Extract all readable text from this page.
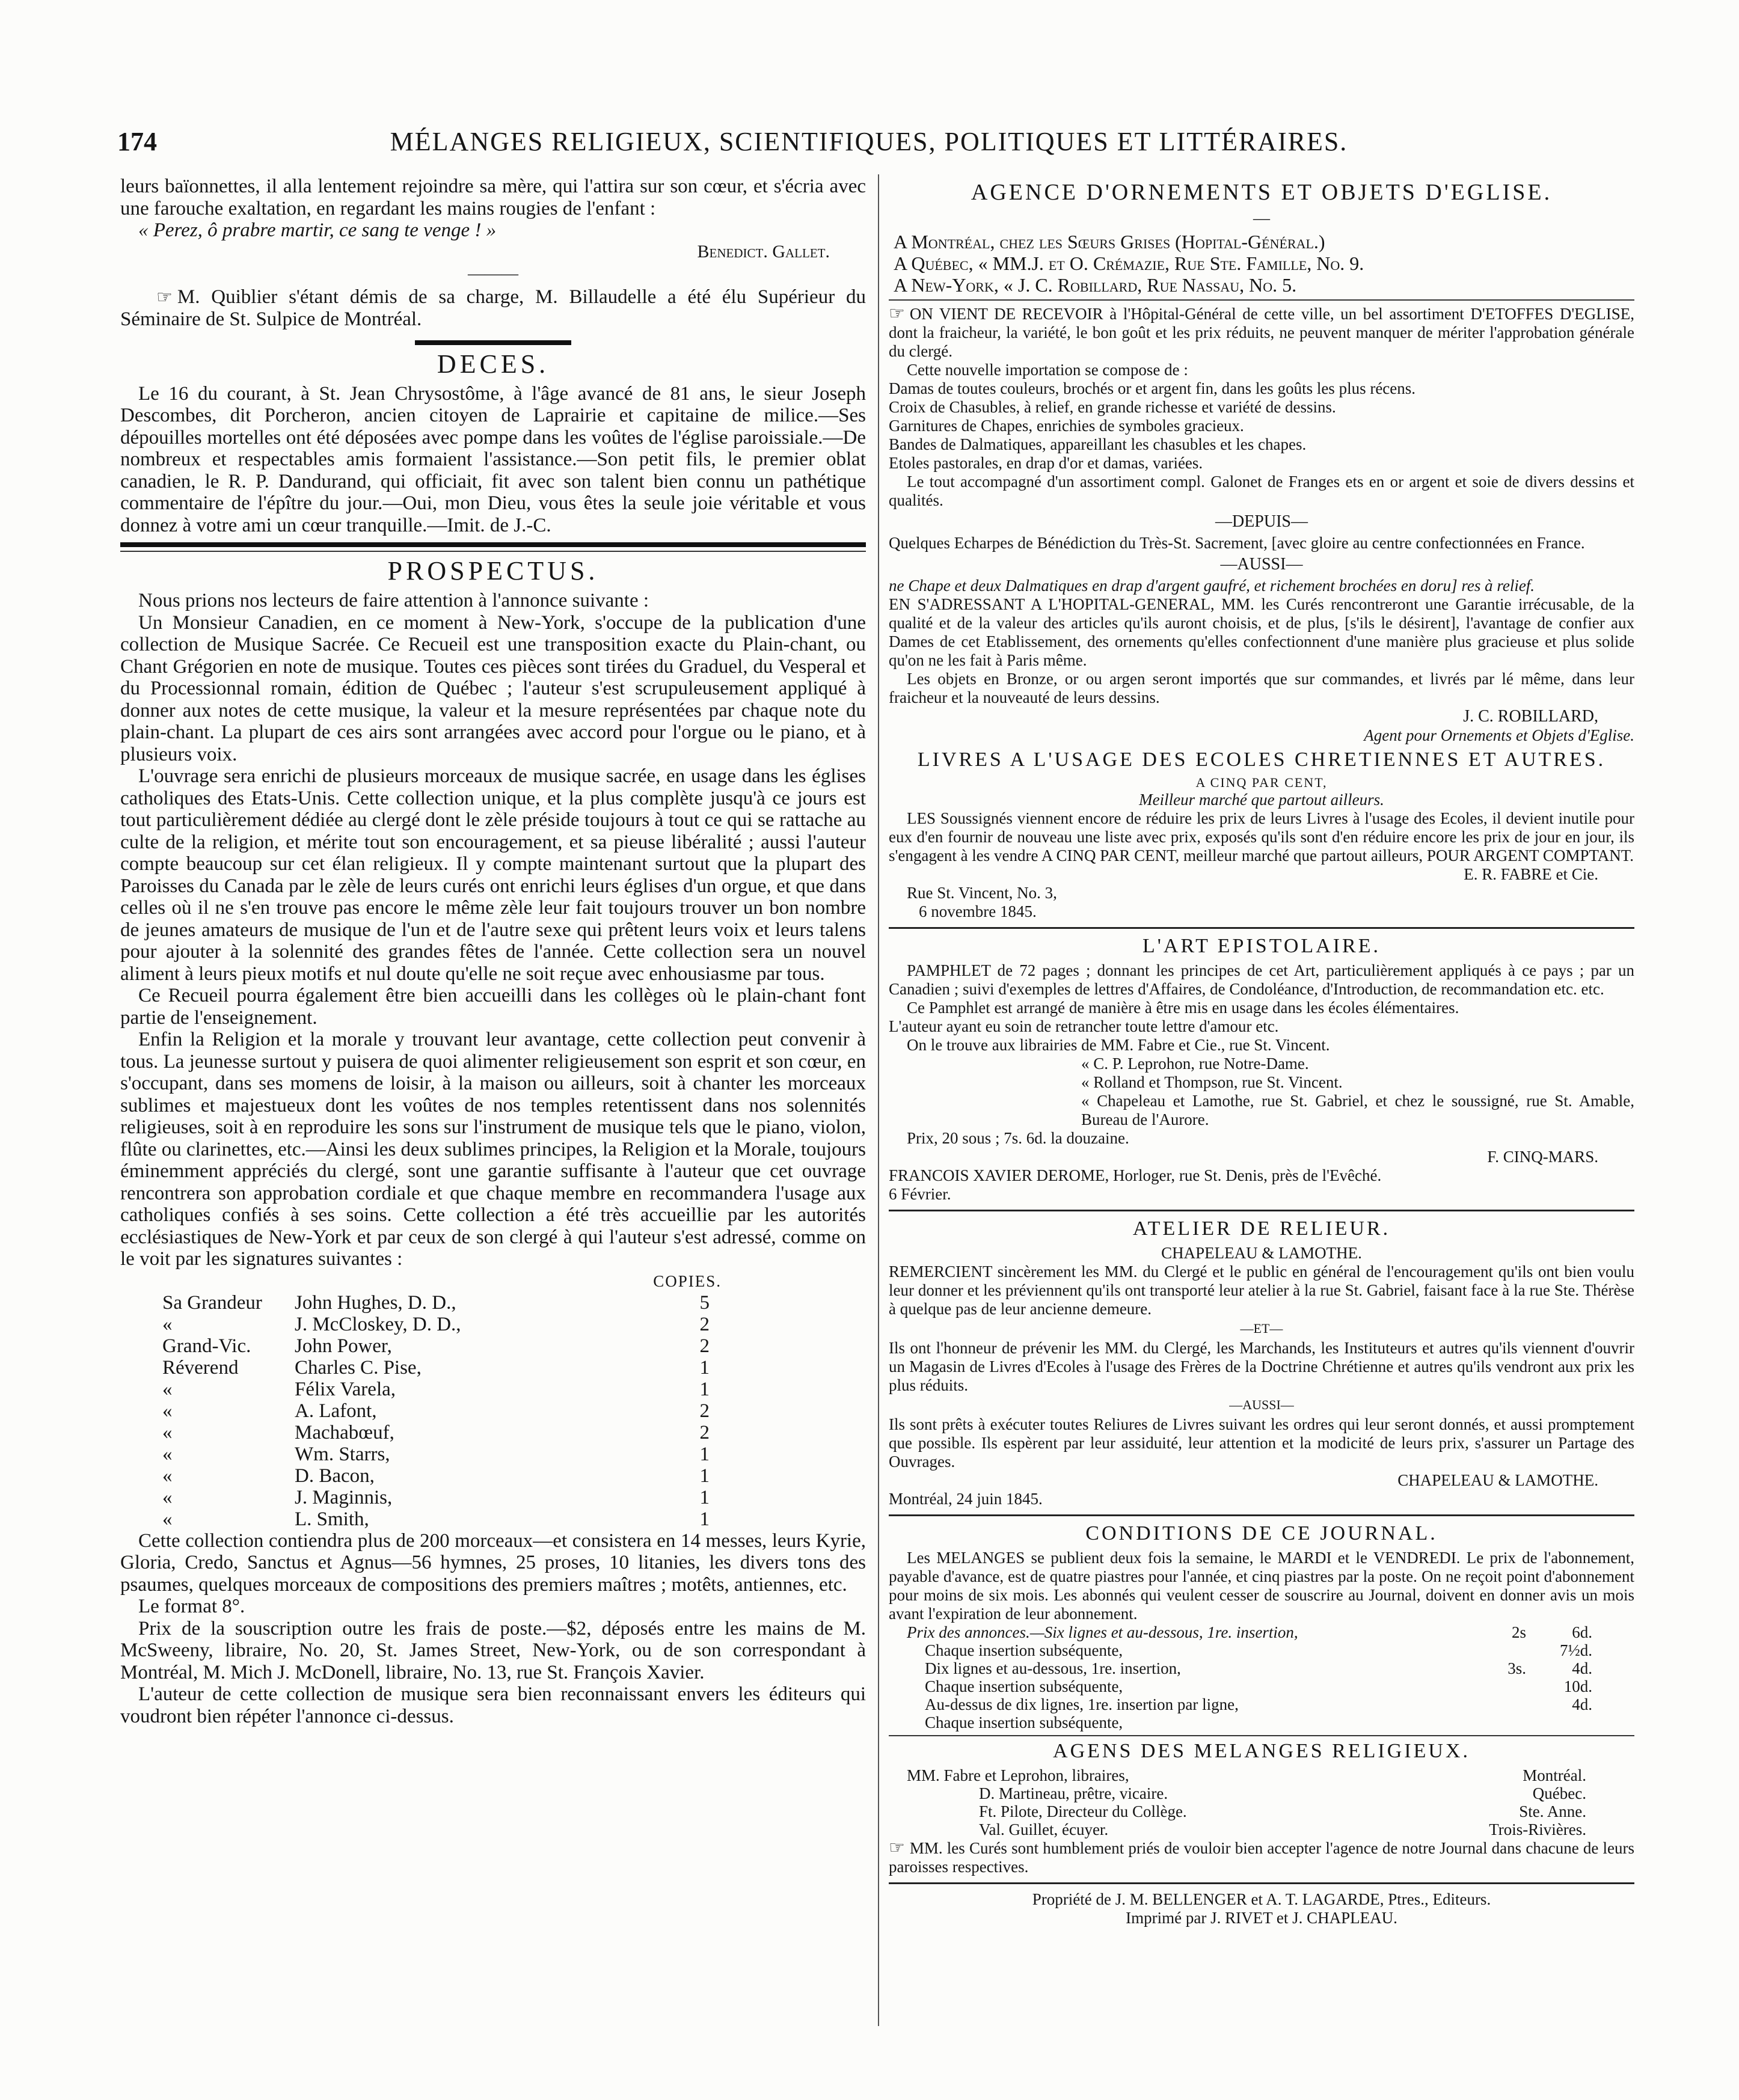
174	MÉLANGES RELIGIEUX, SCIENTIFIQUES, POLITIQUES ET LITTÉRAIRES.

leurs baïonnettes, il alla lentement rejoindre sa mère, qui l'attira sur son cœur, et s'écria avec une farouche exaltation, en regardant les mains rougies de l'enfant :

« Perez, ô prabre martir, ce sang te venge ! »

Benedict. Gallet.

———

☞ M. Quiblier s'étant démis de sa charge, M. Billaudelle a été élu Supérieur du Séminaire de St. Sulpice de Montréal.

DECES.

Le 16 du courant, à St. Jean Chrysostôme, à l'âge avancé de 81 ans, le sieur Joseph Descombes, dit Porcheron, ancien citoyen de Laprairie et capitaine de milice.—Ses dépouilles mortelles ont été déposées avec pompe dans les voûtes de l'église paroissiale.—De nombreux et respectables amis formaient l'assistance.—Son petit fils, le premier oblat canadien, le R. P. Dandurand, qui officiait, fit avec son talent bien connu un pathétique commentaire de l'épître du jour.—Oui, mon Dieu, vous êtes la seule joie véritable et vous donnez à votre ami un cœur tranquille.—Imit. de J.-C.

PROSPECTUS.

Nous prions nos lecteurs de faire attention à l'annonce suivante :

Un Monsieur Canadien, en ce moment à New-York, s'occupe de la publication d'une collection de Musique Sacrée. Ce Recueil est une transposition exacte du Plain-chant, ou Chant Grégorien en note de musique. Toutes ces pièces sont tirées du Graduel, du Vesperal et du Processionnal romain, édition de Québec ; l'auteur s'est scrupuleusement appliqué à donner aux notes de cette musique, la valeur et la mesure représentées par chaque note du plain-chant. La plupart de ces airs sont arrangées avec accord pour l'orgue ou le piano, et à plusieurs voix.

L'ouvrage sera enrichi de plusieurs morceaux de musique sacrée, en usage dans les églises catholiques des Etats-Unis. Cette collection unique, et la plus complète jusqu'à ce jours est tout particulièrement dédiée au clergé dont le zèle préside toujours à tout ce qui se rattache au culte de la religion, et mérite tout son encouragement, et sa pieuse libéralité ; aussi l'auteur compte beaucoup sur cet élan religieux. Il y compte maintenant surtout que la plupart des Paroisses du Canada par le zèle de leurs curés ont enrichi leurs églises d'un orgue, et que dans celles où il ne s'en trouve pas encore le même zèle leur fait toujours trouver un bon nombre de jeunes amateurs de musique de l'un et de l'autre sexe qui prêtent leurs voix et leurs talens pour ajouter à la solennité des grandes fêtes de l'année. Cette collection sera un nouvel aliment à leurs pieux motifs et nul doute qu'elle ne soit reçue avec enhousiasme par tous.

Ce Recueil pourra également être bien accueilli dans les collèges où le plain-chant font partie de l'enseignement.

Enfin la Religion et la morale y trouvant leur avantage, cette collection peut convenir à tous. La jeunesse surtout y puisera de quoi alimenter religieusement son esprit et son cœur, en s'occupant, dans ses momens de loisir, à la maison ou ailleurs, soit à chanter les morceaux sublimes et majestueux dont les voûtes de nos temples retentissent dans nos solennités religieuses, soit à en reproduire les sons sur l'instrument de musique tels que le piano, violon, flûte ou clarinettes, etc.—Ainsi les deux sublimes principes, la Religion et la Morale, toujours éminemment appréciés du clergé, sont une garantie suffisante à l'auteur que cet ouvrage rencontrera son approbation cordiale et que chaque membre en recommandera l'usage aux catholiques confiés à ses soins. Cette collection a été très accueillie par les autorités ecclésiastiques de New-York et par ceux de son clergé à qui l'auteur s'est adressé, comme on le voit par les signatures suivantes :

		COPIES.
Sa Grandeur	John Hughes, D. D.,	5
«	J. McCloskey, D. D.,	2
Grand-Vic.	John Power,	2
Réverend	Charles C. Pise,	1
«	Félix Varela,	1
«	A. Lafont,	2
«	Machabœuf,	2
«	Wm. Starrs,	1
«	D. Bacon,	1
«	J. Maginnis,	1
«	L. Smith,	1

Cette collection contiendra plus de 200 morceaux—et consistera en 14 messes, leurs Kyrie, Gloria, Credo, Sanctus et Agnus—56 hymnes, 25 proses, 10 litanies, les divers tons des psaumes, quelques morceaux de compositions des premiers maîtres ; motêts, antiennes, etc.

Le format 8°.

Prix de la souscription outre les frais de poste.—$2, déposés entre les mains de M. McSweeny, libraire, No. 20, St. James Street, New-York, ou de son correspondant à Montréal, M. Mich J. McDonell, libraire, No. 13, rue St. François Xavier.

L'auteur de cette collection de musique sera bien reconnaissant envers les éditeurs qui voudront bien répéter l'annonce ci-dessus.

AGENCE D'ORNEMENTS ET OBJETS D'EGLISE.
—

A Montréal, chez les Sœurs Grises (Hopital-Général.)

A Québec, « MM.J. et O. Crémazie, Rue Ste. Famille, No. 9.

A New-York, « J. C. Robillard, Rue Nassau, No. 5.

☞ ON VIENT DE RECEVOIR à l'Hôpital-Général de cette ville, un bel assortiment D'ETOFFES D'EGLISE, dont la fraicheur, la variété, le bon goût et les prix réduits, ne peuvent manquer de mériter l'approbation générale du clergé.

Cette nouvelle importation se compose de :

Damas de toutes couleurs, brochés or et argent fin, dans les goûts les plus récens.

Croix de Chasubles, à relief, en grande richesse et variété de dessins.

Garnitures de Chapes, enrichies de symboles gracieux.

Bandes de Dalmatiques, appareillant les chasubles et les chapes.

Etoles pastorales, en drap d'or et damas, variées.

Le tout accompagné d'un assortiment compl. Galonet de Franges ets en or argent et soie de divers dessins et qualités.

—DEPUIS—

Quelques Echarpes de Bénédiction du Très-St. Sacrement, [avec gloire au centre confectionnées en France.

—AUSSI—

ne Chape et deux Dalmatiques en drap d'argent gaufré, et richement brochées en doru] res à relief.

EN S'ADRESSANT A L'HOPITAL-GENERAL, MM. les Curés rencontreront une Garantie irrécusable, de la qualité et de la valeur des articles qu'ils auront choisis, et de plus, [s'ils le désirent], l'avantage de confier aux Dames de cet Etablissement, des ornements qu'elles confectionnent d'une manière plus gracieuse et plus solide qu'on ne les fait à Paris même.

Les objets en Bronze, or ou argen seront importés que sur commandes, et livrés par lé même, dans leur fraicheur et la nouveauté de leurs dessins.

J. C. ROBILLARD,

Agent pour Ornements et Objets d'Eglise.

LIVRES A L'USAGE DES ECOLES CHRETIENNES ET AUTRES.
A CINQ PAR CENT,
Meilleur marché que partout ailleurs.

LES Soussignés viennent encore de réduire les prix de leurs Livres à l'usage des Ecoles, il devient inutile pour eux d'en fournir de nouveau une liste avec prix, exposés qu'ils sont d'en réduire encore les prix de jour en jour, ils s'engagent à les vendre A CINQ PAR CENT, meilleur marché que partout ailleurs, POUR ARGENT COMPTANT.

E. R. FABRE et Cie.

Rue St. Vincent, No. 3,

6 novembre 1845.

L'ART EPISTOLAIRE.

PAMPHLET de 72 pages ; donnant les principes de cet Art, particulièrement appliqués à ce pays ; par un Canadien ; suivi d'exemples de lettres d'Affaires, de Condoléance, d'Introduction, de recommandation etc. etc.

Ce Pamphlet est arrangé de manière à être mis en usage dans les écoles élémentaires.

L'auteur ayant eu soin de retrancher toute lettre d'amour etc.

On le trouve aux librairies de MM. Fabre et Cie., rue St. Vincent.

« C. P. Leprohon, rue Notre-Dame.

« Rolland et Thompson, rue St. Vincent.

« Chapeleau et Lamothe, rue St. Gabriel, et chez le soussigné, rue St. Amable, Bureau de l'Aurore.

Prix, 20 sous ; 7s. 6d. la douzaine.

F. CINQ-MARS.

FRANCOIS XAVIER DEROME, Horloger, rue St. Denis, près de l'Evêché.

6 Février.

ATELIER DE RELIEUR.
CHAPELEAU & LAMOTHE.

REMERCIENT sincèrement les MM. du Clergé et le public en général de l'encouragement qu'ils ont bien voulu leur donner et les préviennent qu'ils ont transporté leur atelier à la rue St. Gabriel, faisant face à la rue Ste. Thérèse à quelque pas de leur ancienne demeure.

—ET—

Ils ont l'honneur de prévenir les MM. du Clergé, les Marchands, les Instituteurs et autres qu'ils viennent d'ouvrir un Magasin de Livres d'Ecoles à l'usage des Frères de la Doctrine Chrétienne et autres qu'ils vendront aux prix les plus réduits.

—AUSSI—

Ils sont prêts à exécuter toutes Reliures de Livres suivant les ordres qui leur seront donnés, et aussi promptement que possible. Ils espèrent par leur assiduité, leur attention et la modicité de leurs prix, s'assurer un Partage des Ouvrages.

CHAPELEAU & LAMOTHE.

Montréal, 24 juin 1845.

CONDITIONS DE CE JOURNAL.

Les MELANGES se publient deux fois la semaine, le MARDI et le VENDREDI. Le prix de l'abonnement, payable d'avance, est de quatre piastres pour l'année, et cinq piastres par la poste. On ne reçoit point d'abonnement pour moins de six mois. Les abonnés qui veulent cesser de souscrire au Journal, doivent en donner avis un mois avant l'expiration de leur abonnement.

Prix des annonces.—Six lignes et au-dessous, 1re. insertion,	2s	6d.
Chaque insertion subséquente,		7½d.
Dix lignes et au-dessous, 1re. insertion,	3s.	4d.
Chaque insertion subséquente,		10d.
Au-dessus de dix lignes, 1re. insertion par ligne,		4d.
Chaque insertion subséquente,		
AGENS DES MELANGES RELIGIEUX.
MM. Fabre et Leprohon, libraires,	Montréal.
D. Martineau, prêtre, vicaire.	Québec.
Ft. Pilote, Directeur du Collège.	Ste. Anne.
Val. Guillet, écuyer.	Trois-Rivières.

☞ MM. les Curés sont humblement priés de vouloir bien accepter l'agence de notre Journal dans chacune de leurs paroisses respectives.

Propriété de J. M. BELLENGER et A. T. LAGARDE, Ptres., Editeurs.

Imprimé par J. RIVET et J. CHAPLEAU.
